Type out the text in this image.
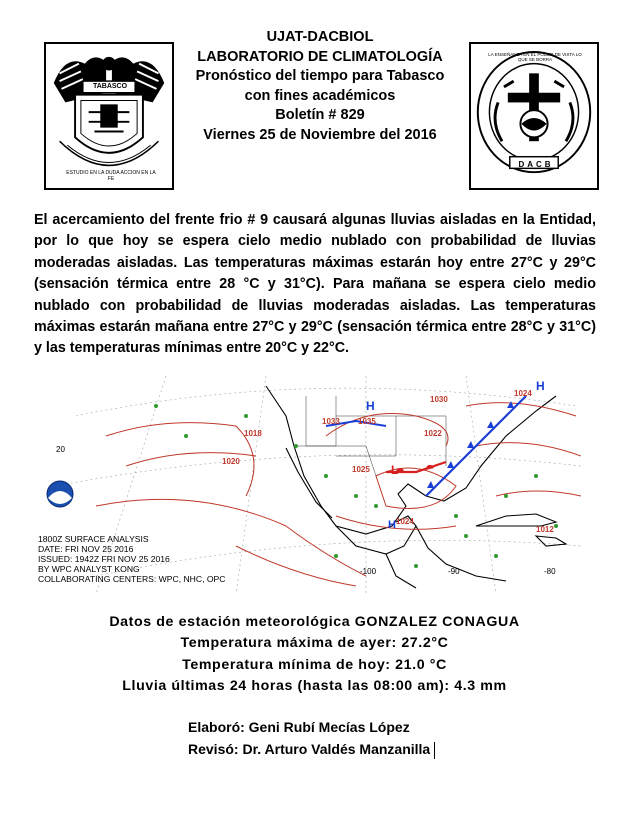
TABASCO
ESTUDIO EN LA DUDA ACCION EN LA FE
UJAT-DACBIOL
LABORATORIO DE CLIMATOLOGÍA
Pronóstico del tiempo para Tabasco
con fines académicos
Boletín # 829
Viernes 25 de Noviembre del 2016
LA ENSEÑANZA EN EL PODER DE VISTA LO QUE SE BORRA
DACB
El acercamiento del frente frio # 9 causará algunas lluvias aisladas en la Entidad, por lo que hoy se espera cielo medio nublado con probabilidad de lluvias moderadas aisladas. Las temperaturas máximas estarán hoy entre 27°C y 29°C (sensación térmica entre 28 °C y 31°C). Para mañana se espera cielo medio nublado con probabilidad de lluvias moderadas aisladas. Las temperaturas máximas estarán mañana entre 27°C y 29°C (sensación térmica entre 28°C y 31°C) y las temperaturas mínimas entre 20°C y 22°C.
1018
1020
1033 1035
1030
1024
1025
1022
1024
1012
H
H
L
H
20
-100	-90	-80
1800Z SURFACE ANALYSIS
DATE: FRI NOV 25 2016
ISSUED: 1942Z FRI NOV 25 2016
BY WPC ANALYST KONG
COLLABORATING CENTERS: WPC, NHC, OPC
Datos de estación meteorológica GONZALEZ CONAGUA
Temperatura máxima de ayer: 27.2°C
Temperatura mínima de hoy: 21.0 °C
Lluvia últimas 24 horas (hasta las 08:00 am): 4.3 mm
Elaboró: Geni Rubí Mecías López
Revisó: Dr. Arturo Valdés Manzanilla
